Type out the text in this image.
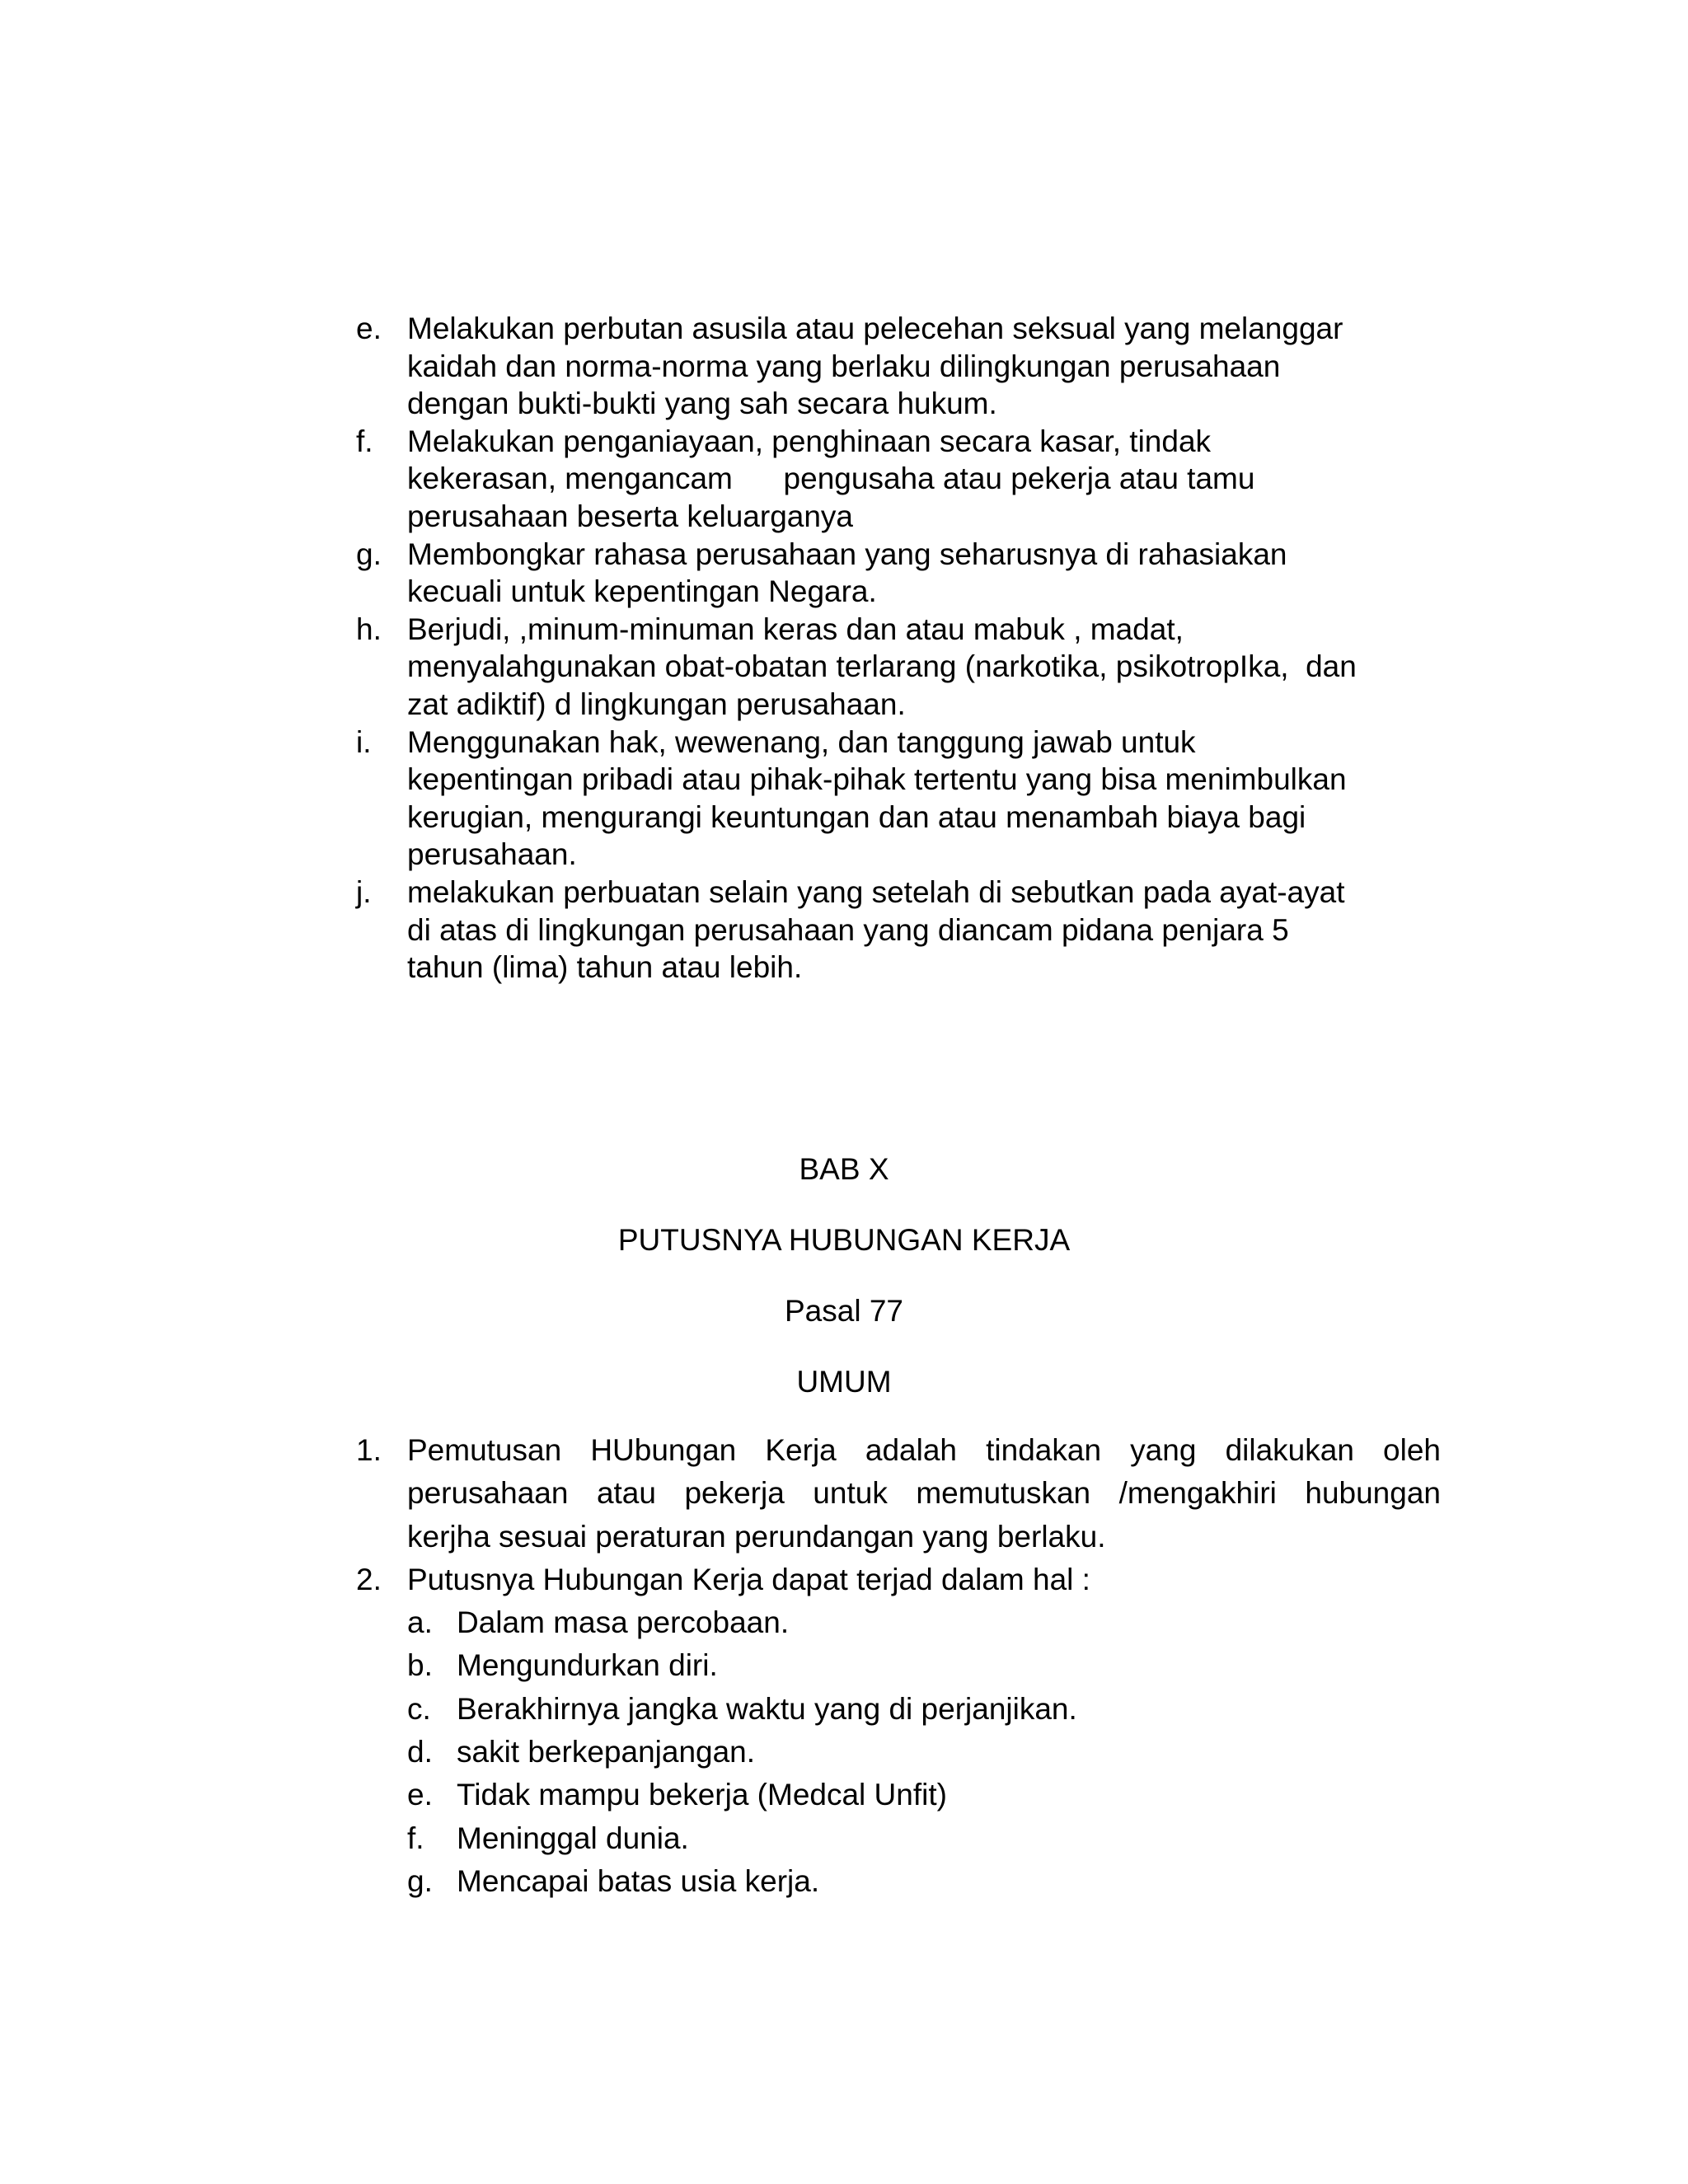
e. Melakukan perbutan asusila atau pelecehan seksual yang melanggar
kaidah dan norma-norma yang berlaku dilingkungan perusahaan
dengan bukti-bukti yang sah secara hukum.
f.	Melakukan penganiayaan, penghinaan secara kasar, tindak
kekerasan, mengancam      pengusaha atau pekerja atau tamu
perusahaan beserta keluarganya
g. Membongkar rahasa perusahaan yang seharusnya di rahasiakan
kecuali untuk kepentingan Negara.
h. Berjudi, ,minum-minuman keras dan atau mabuk , madat,
menyalahgunakan obat-obatan terlarang (narkotika, psikotropIka,  dan
zat adiktif) d lingkungan perusahaan.
i.	Menggunakan hak, wewenang, dan tanggung jawab untuk
kepentingan pribadi atau pihak-pihak tertentu yang bisa menimbulkan
kerugian, mengurangi keuntungan dan atau menambah biaya bagi
perusahaan.
j.	melakukan perbuatan selain yang setelah di sebutkan pada ayat-ayat
di atas di lingkungan perusahaan yang diancam pidana penjara 5
tahun (lima) tahun atau lebih.
BAB X
PUTUSNYA HUBUNGAN KERJA
Pasal 77
UMUM
1. Pemutusan HUbungan Kerja adalah tindakan yang dilakukan oleh
perusahaan atau pekerja untuk memutuskan /mengakhiri hubungan
kerjha sesuai peraturan perundangan yang berlaku.
2. Putusnya Hubungan Kerja dapat terjad dalam hal :
a. Dalam masa percobaan.
b. Mengundurkan diri.
c. Berakhirnya jangka waktu yang di perjanjikan.
d. sakit berkepanjangan.
e. Tidak mampu bekerja (Medcal Unfit)
f. Meninggal dunia.
g. Mencapai batas usia kerja.
